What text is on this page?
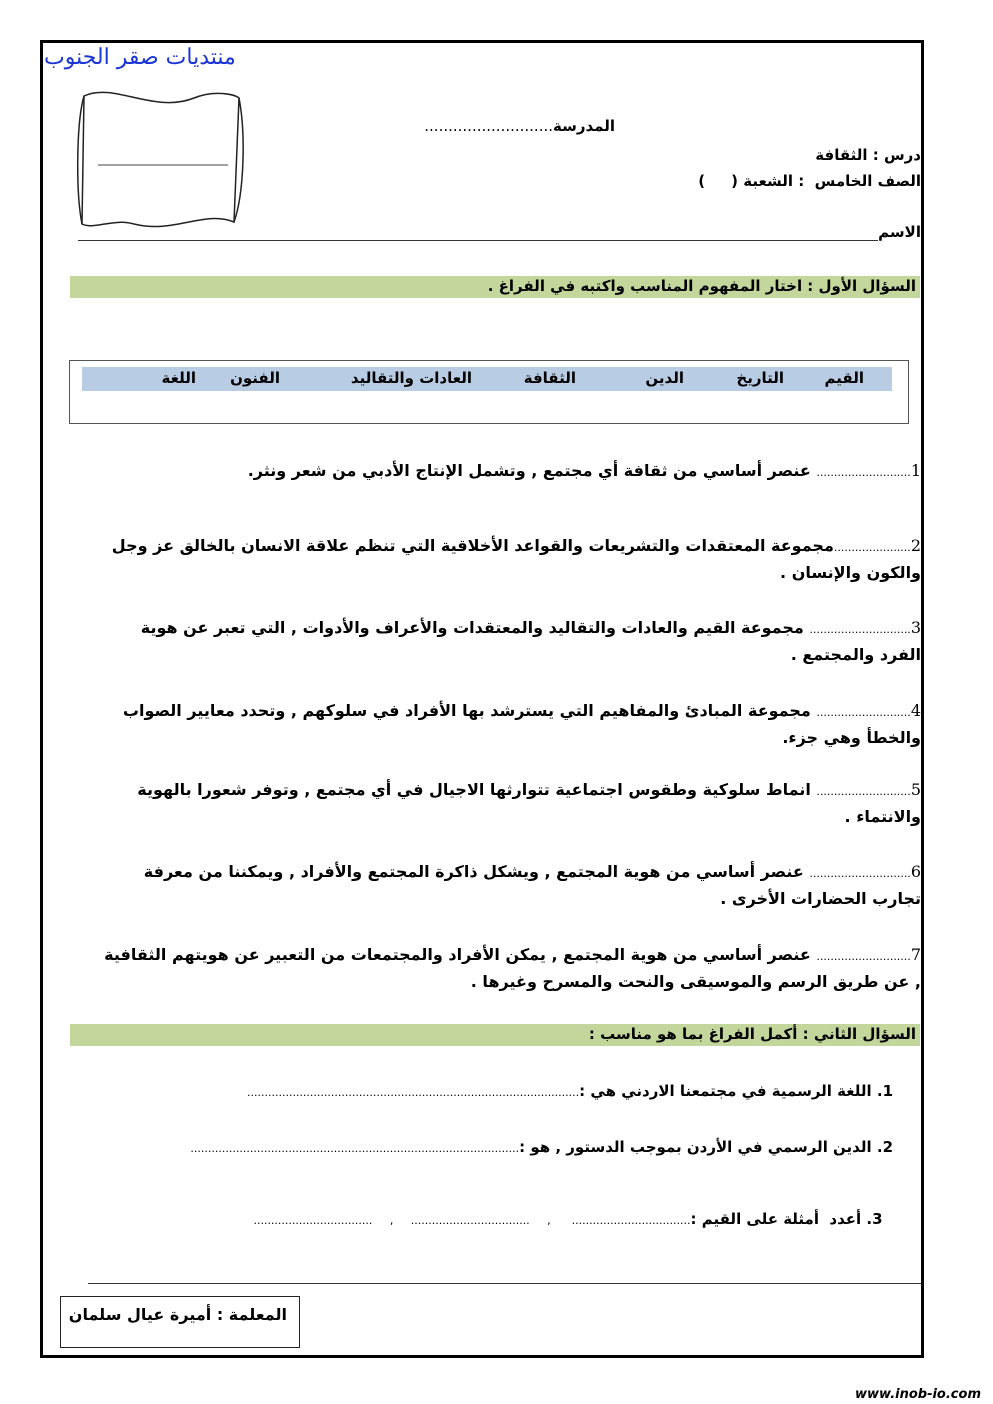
منتديات صقر الجنوب
المدرسة...........................
درس : الثقافة
الصف الخامس  : الشعبة (     )
الاسم
السؤال الأول : اختار المفهوم المناسب واكتبه في الفراغ .
القيم
التاريخ
الدين
الثقافة
العادات والتقاليد
الفنون
اللغة
1........................... عنصر أساسي من ثقافة أي مجتمع , وتشمل الإنتاج الأدبي من شعر ونثر.
2......................مجموعة المعتقدات والتشريعات والقواعد الأخلاقية التي تنظم علاقة الانسان بالخالق عز وجل والكون والإنسان .
3............................. مجموعة القيم والعادات والتقاليد والمعتقدات والأعراف والأدوات , التي تعبر عن هوية الفرد والمجتمع .
4........................... مجموعة المبادئ والمفاهيم التي يسترشد بها الأفراد في سلوكهم , وتحدد معايير الصواب والخطأ وهي جزء.
5........................... انماط سلوكية وطقوس اجتماعية تتوارثها الاجيال في أي مجتمع , وتوفر شعورا بالهوية والانتماء .
6............................. عنصر أساسي من هوية المجتمع , ويشكل ذاكرة المجتمع والأفراد , ويمكننا من معرفة تجارب الحضارات الأخرى .
7........................... عنصر أساسي من هوية المجتمع , يمكن الأفراد والمجتمعات من التعبير عن هويتهم الثقافية , عن طريق الرسم والموسيقى والنحت والمسرح وغيرها .
السؤال الثاني : أكمل الفراغ بما هو مناسب :
1. اللغة الرسمية في مجتمعنا الاردني هي :...............................................................................................
2. الدين الرسمي في الأردن بموجب الدستور , هو :..............................................................................................

3. أعدد  أمثلة على القيم :..................................      ,     ..................................     ,     ..................................

المعلمة : أميرة عيال سلمان
www.inob-io.com
